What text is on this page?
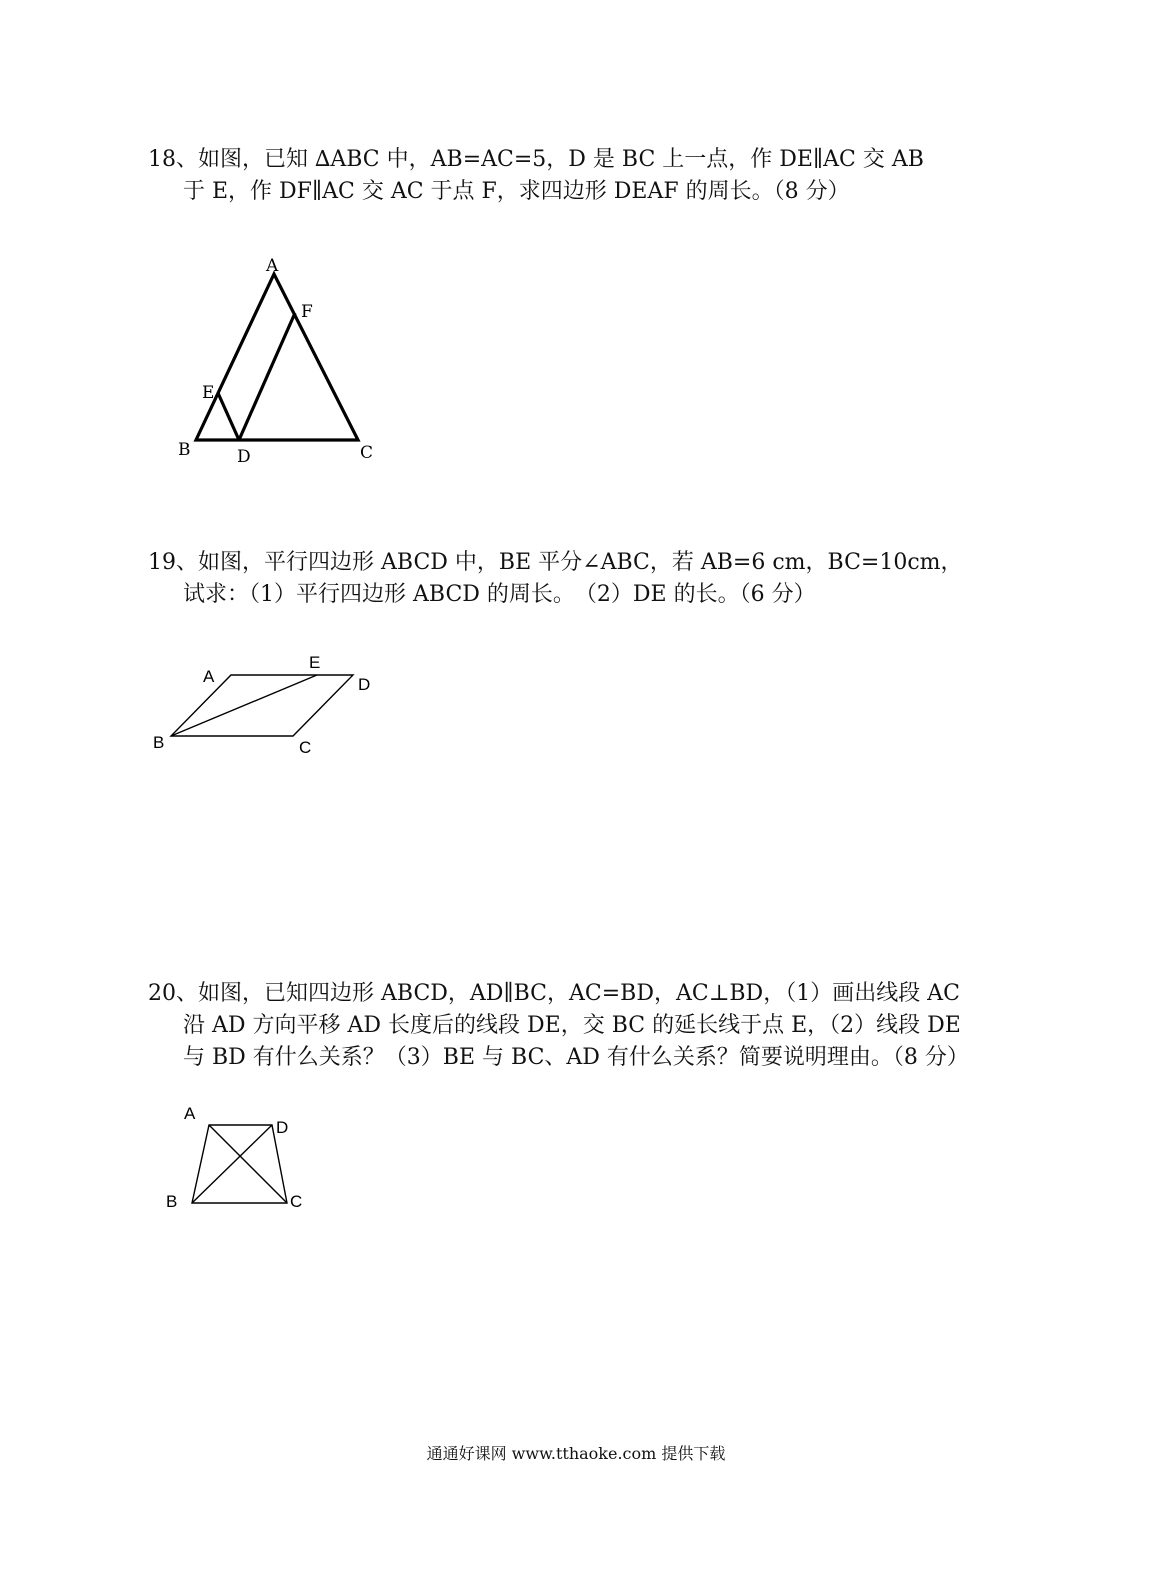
18、如图，已知 ∆ABC 中，AB=AC=5，D 是 BC 上一点，作 DE∥AC 交 AB
于 E，作 DF∥AC 交 AC 于点 F，求四边形 DEAF 的周长。（8 分）
A
F
E
B	D	C
19、如图，平行四边形 ABCD 中，BE 平分∠ABC，若 AB=6 cm，BC=10cm，
试求：（1）平行四边形 ABCD 的周长。　（2）DE 的长。（6 分）
A
E
D
B	C
20、如图，已知四边形 ABCD，AD∥BC，AC=BD，AC⊥BD，（1）画出线段 AC
沿 AD 方向平移 AD 长度后的线段 DE，交 BC 的延长线于点 E，（2）线段 DE
与 BD 有什么关系？（3）BE 与 BC、AD 有什么关系？简要说明理由。（8 分）
A
D
B	C
通通好课网 www.tthaoke.com 提供下载
